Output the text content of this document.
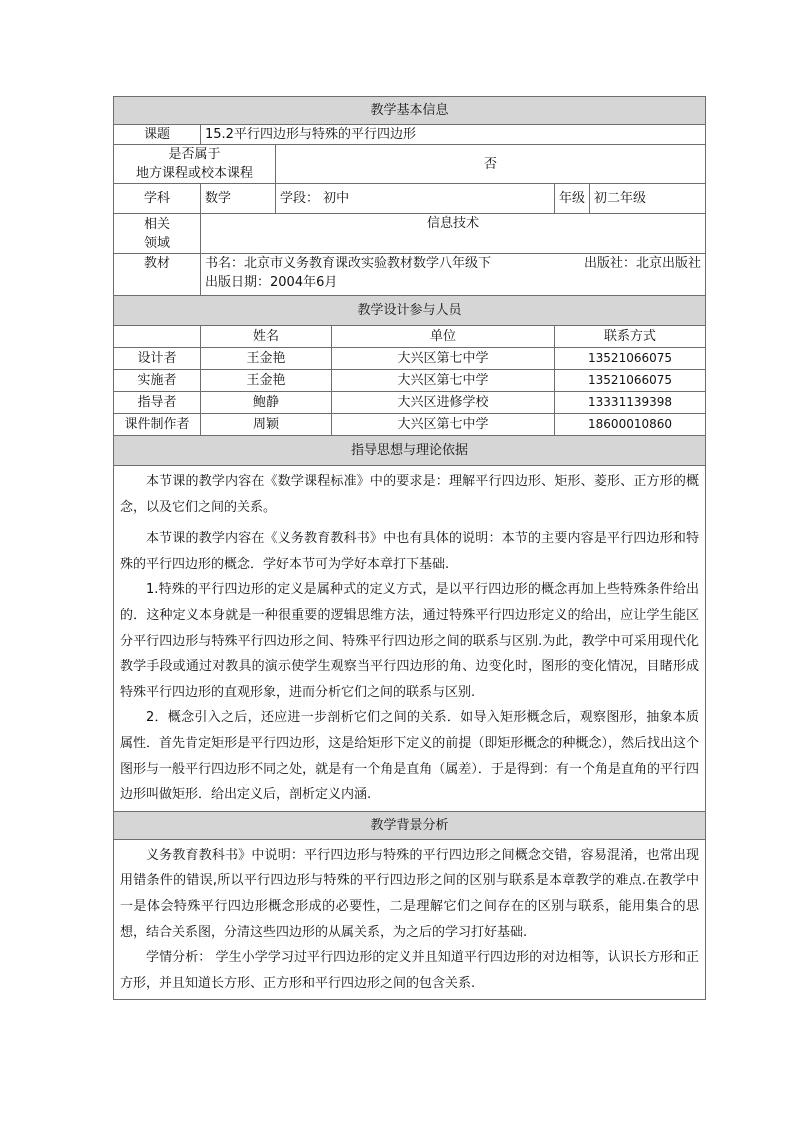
教学基本信息					
课题	15.2平行四边形与特殊的平行四边形				

是否属于
地方课程或校本课程		否			
学科	数学	学段： 初中		年级	初二年级

相关
领域	信息技术				
教材	书名：北京市义务教育课改实验教材数学八年级下 出版社：北京出版社
出版日期：2004年6月				

教学设计参与人员					
	姓名		单位	联系方式	
设计者	王金艳		大兴区第七中学	13521066075	
实施者	王金艳		大兴区第七中学	13521066075	
指导者	鲍静		大兴区进修学校	13331139398	
课件制作者	周颖		大兴区第七中学	18600010860	
指导思想与理论依据					

本节课的教学内容在《数学课程标准》中的要求是：理解平行四边形、矩形、菱形、正方形的概念，以及它们之间的关系。

本节课的教学内容在《义务教育教科书》中也有具体的说明：本节的主要内容是平行四边形和特殊的平行四边形的概念．学好本节可为学好本章打下基础.

1.特殊的平行四边形的定义是属种式的定义方式，是以平行四边形的概念再加上些特殊条件给出的．这种定义本身就是一种很重要的逻辑思维方法，通过特殊平行四边形定义的给出，应让学生能区分平行四边形与特殊平行四边形之间、特殊平行四边形之间的联系与区别.为此，教学中可采用现代化教学手段或通过对教具的演示使学生观察当平行四边形的角、边变化时，图形的变化情况，目睹形成特殊平行四边形的直观形象，进而分析它们之间的联系与区别.

2．概念引入之后，还应进一步剖析它们之间的关系．如导入矩形概念后，观察图形，抽象本质属性．首先肯定矩形是平行四边形，这是给矩形下定义的前提（即矩形概念的种概念），然后找出这个图形与一般平行四边形不同之处，就是有一个角是直角（属差）．于是得到：有一个角是直角的平行四边形叫做矩形．给出定义后，剖析定义内涵.					

教学背景分析					

义务教育教科书》中说明：平行四边形与特殊的平行四边形之间概念交错，容易混淆，也常出现用错条件的错误,所以平行四边形与特殊的平行四边形之间的区别与联系是本章教学的难点.在教学中一是体会特殊平行四边形概念形成的必要性，二是理解它们之间存在的区别与联系，能用集合的思想，结合关系图，分清这些四边形的从属关系，为之后的学习打好基础.

学情分析： 学生小学学习过平行四边形的定义并且知道平行四边形的对边相等，认识长方形和正方形，并且知道长方形、正方形和平行四边形之间的包含关系.					
